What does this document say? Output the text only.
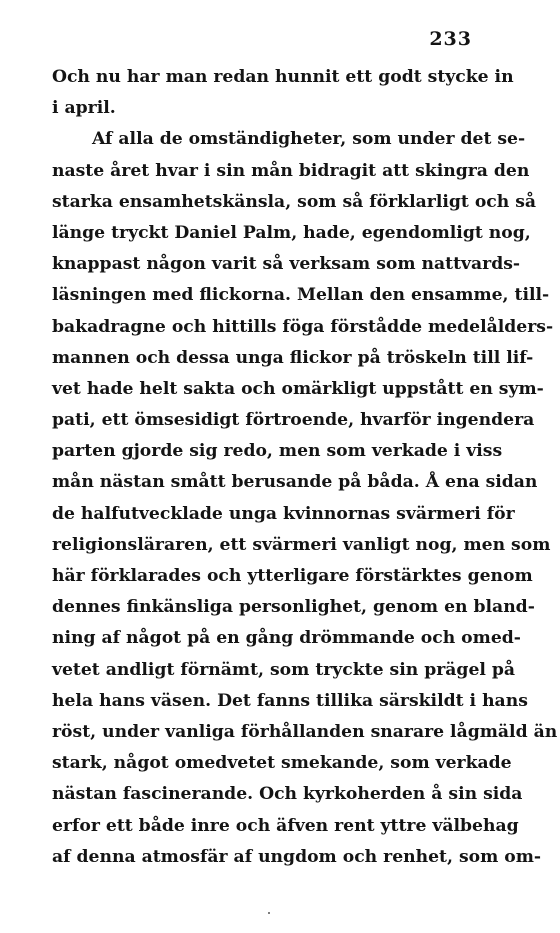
233
Och nu har man redan hunnit ett godt stycke in
i april.
Af alla de omständigheter, som under det se-
naste året hvar i sin mån bidragit att skingra den
starka ensamhetskänsla, som så förklarligt och så
länge tryckt Daniel Palm, hade, egendomligt nog,
knappast någon varit så verksam som nattvards-
läsningen med flickorna. Mellan den ensamme, till-
bakadragne och hittills föga förstådde medelålders-
mannen och dessa unga flickor på tröskeln till lif-
vet hade helt sakta och omärkligt uppstått en sym-
pati, ett ömsesidigt förtroende, hvarför ingendera
parten gjorde sig redo, men som verkade i viss
mån nästan smått berusande på båda. Å ena sidan
de halfutvecklade unga kvinnornas svärmeri för
religionsläraren, ett svärmeri vanligt nog, men som
här förklarades och ytterligare förstärktes genom
dennes finkänsliga personlighet, genom en bland-
ning af något på en gång drömmande och omed-
vetet andligt förnämt, som tryckte sin prägel på
hela hans väsen. Det fanns tillika särskildt i hans
röst, under vanliga förhållanden snarare lågmäld än
stark, något omedvetet smekande, som verkade
nästan fascinerande. Och kyrkoherden å sin sida
erfor ett både inre och äfven rent yttre välbehag
af denna atmosfär af ungdom och renhet, som om-
